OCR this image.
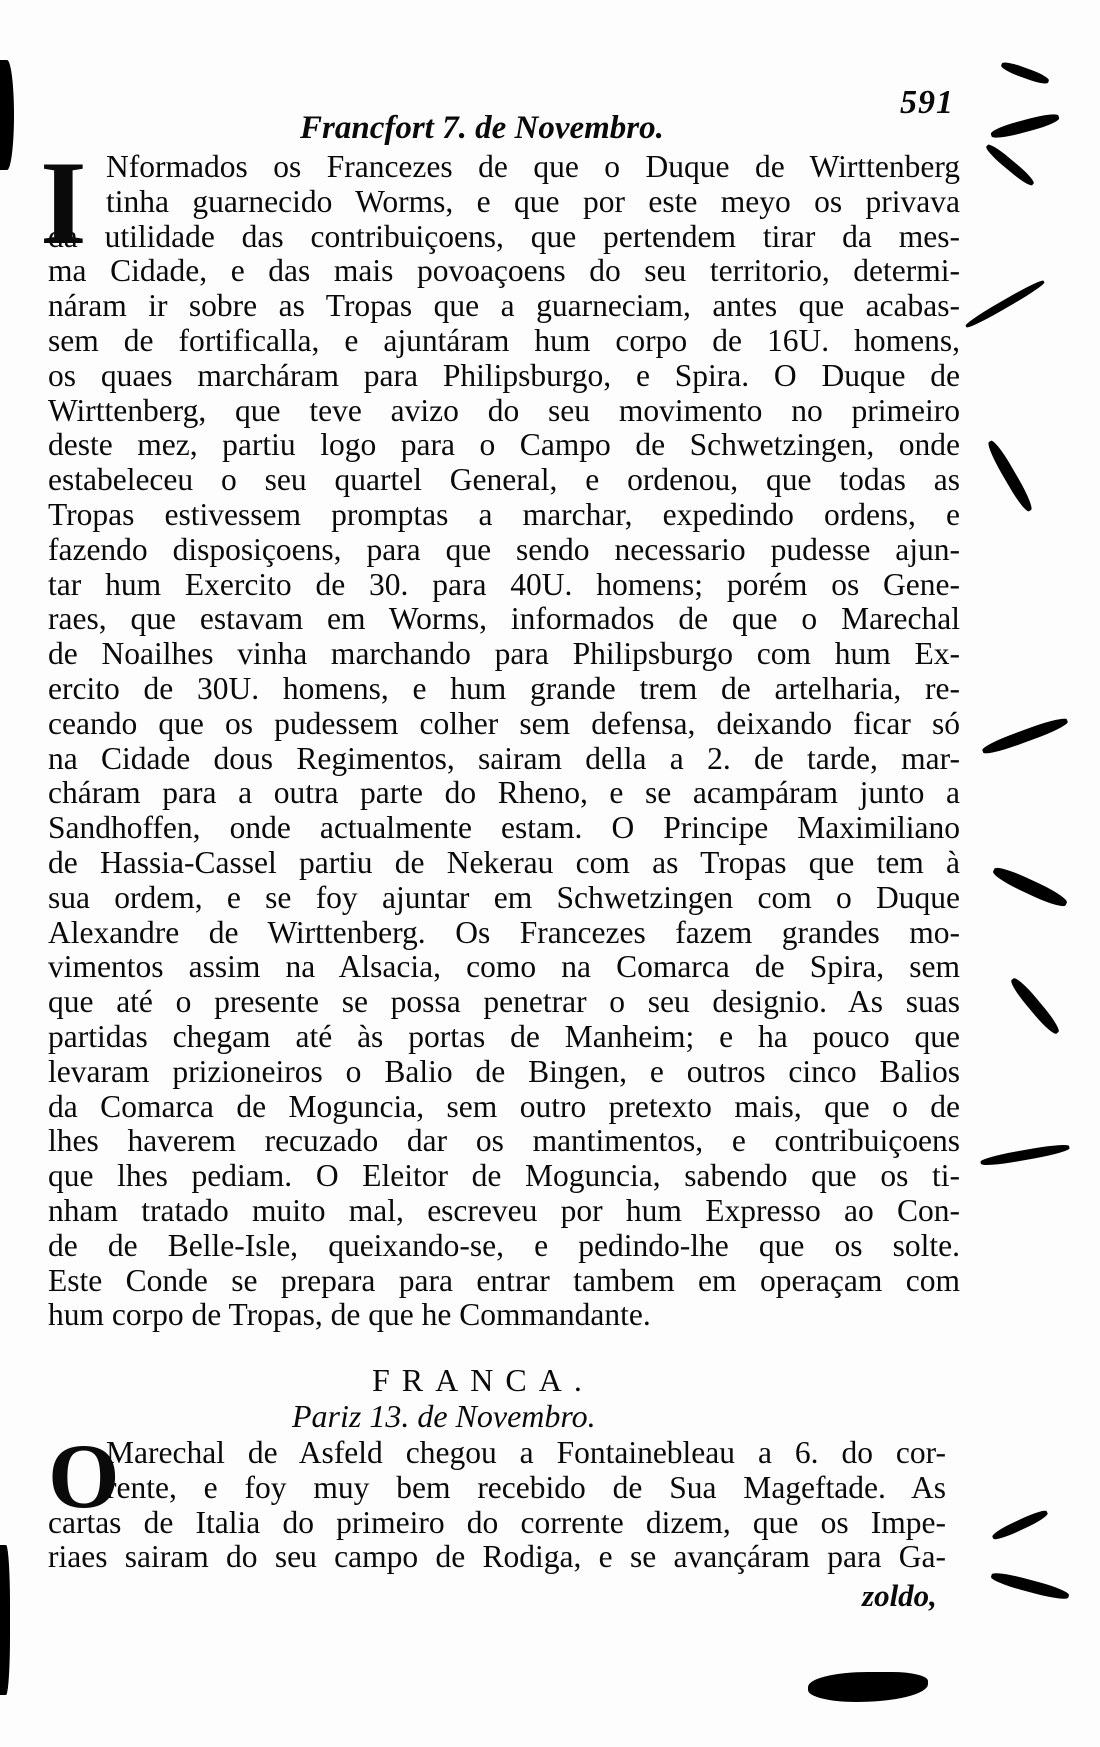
591
Francfort 7. de Novembro.
I Nformados os Francezes de que o Duque de Wirttenberg
tinha guarnecido Worms, e que por este meyo os privava
da utilidade das contribuiçoens, que pertendem tirar da mes-
ma Cidade, e das mais povoaçoens do seu territorio, determi-
náram ir sobre as Tropas que a guarneciam, antes que acabas-
sem de fortificalla, e ajuntáram hum corpo de 16U. homens,
os quaes marcháram para Philipsburgo, e Spira. O Duque de
Wirttenberg, que teve avizo do seu movimento no primeiro
deste mez, partiu logo para o Campo de Schwetzingen, onde
estabeleceu o seu quartel General, e ordenou, que todas as
Tropas estivessem promptas a marchar, expedindo ordens, e
fazendo disposiçoens, para que sendo necessario pudesse ajun-
tar hum Exercito de 30. para 40U. homens; porém os Gene-
raes, que estavam em Worms, informados de que o Marechal
de Noailhes vinha marchando para Philipsburgo com hum Ex-
ercito de 30U. homens, e hum grande trem de artelharia, re-
ceando que os pudessem colher sem defensa, deixando ficar só
na Cidade dous Regimentos, sairam della a 2. de tarde, mar-
cháram para a outra parte do Rheno, e se acampáram junto a
Sandhoffen, onde actualmente estam. O Principe Maximiliano
de Hassia-Cassel partiu de Nekerau com as Tropas que tem à
sua ordem, e se foy ajuntar em Schwetzingen com o Duque
Alexandre de Wirttenberg. Os Francezes fazem grandes mo-
vimentos assim na Alsacia, como na Comarca de Spira, sem
que até o presente se possa penetrar o seu designio. As suas
partidas chegam até às portas de Manheim; e ha pouco que
levaram prizioneiros o Balio de Bingen, e outros cinco Balios
da Comarca de Moguncia, sem outro pretexto mais, que o de
lhes haverem recuzado dar os mantimentos, e contribuiçoens
que lhes pediam. O Eleitor de Moguncia, sabendo que os ti-
nham tratado muito mal, escreveu por hum Expresso ao Con-
de de Belle-Isle, queixando-se, e pedindo-lhe que os solte.
Este Conde se prepara para entrar tambem em operaçam com
hum corpo de Tropas, de que he Commandante.
FRANCA.
Pariz 13. de Novembro.
O
Marechal de Asfeld chegou a Fontainebleau a 6. do cor-
rente, e foy muy bem recebido de Sua Mageftade. As
cartas de Italia do primeiro do corrente dizem, que os Impe-
riaes sairam do seu campo de Rodiga, e se avançáram para Ga-
zoldo,
